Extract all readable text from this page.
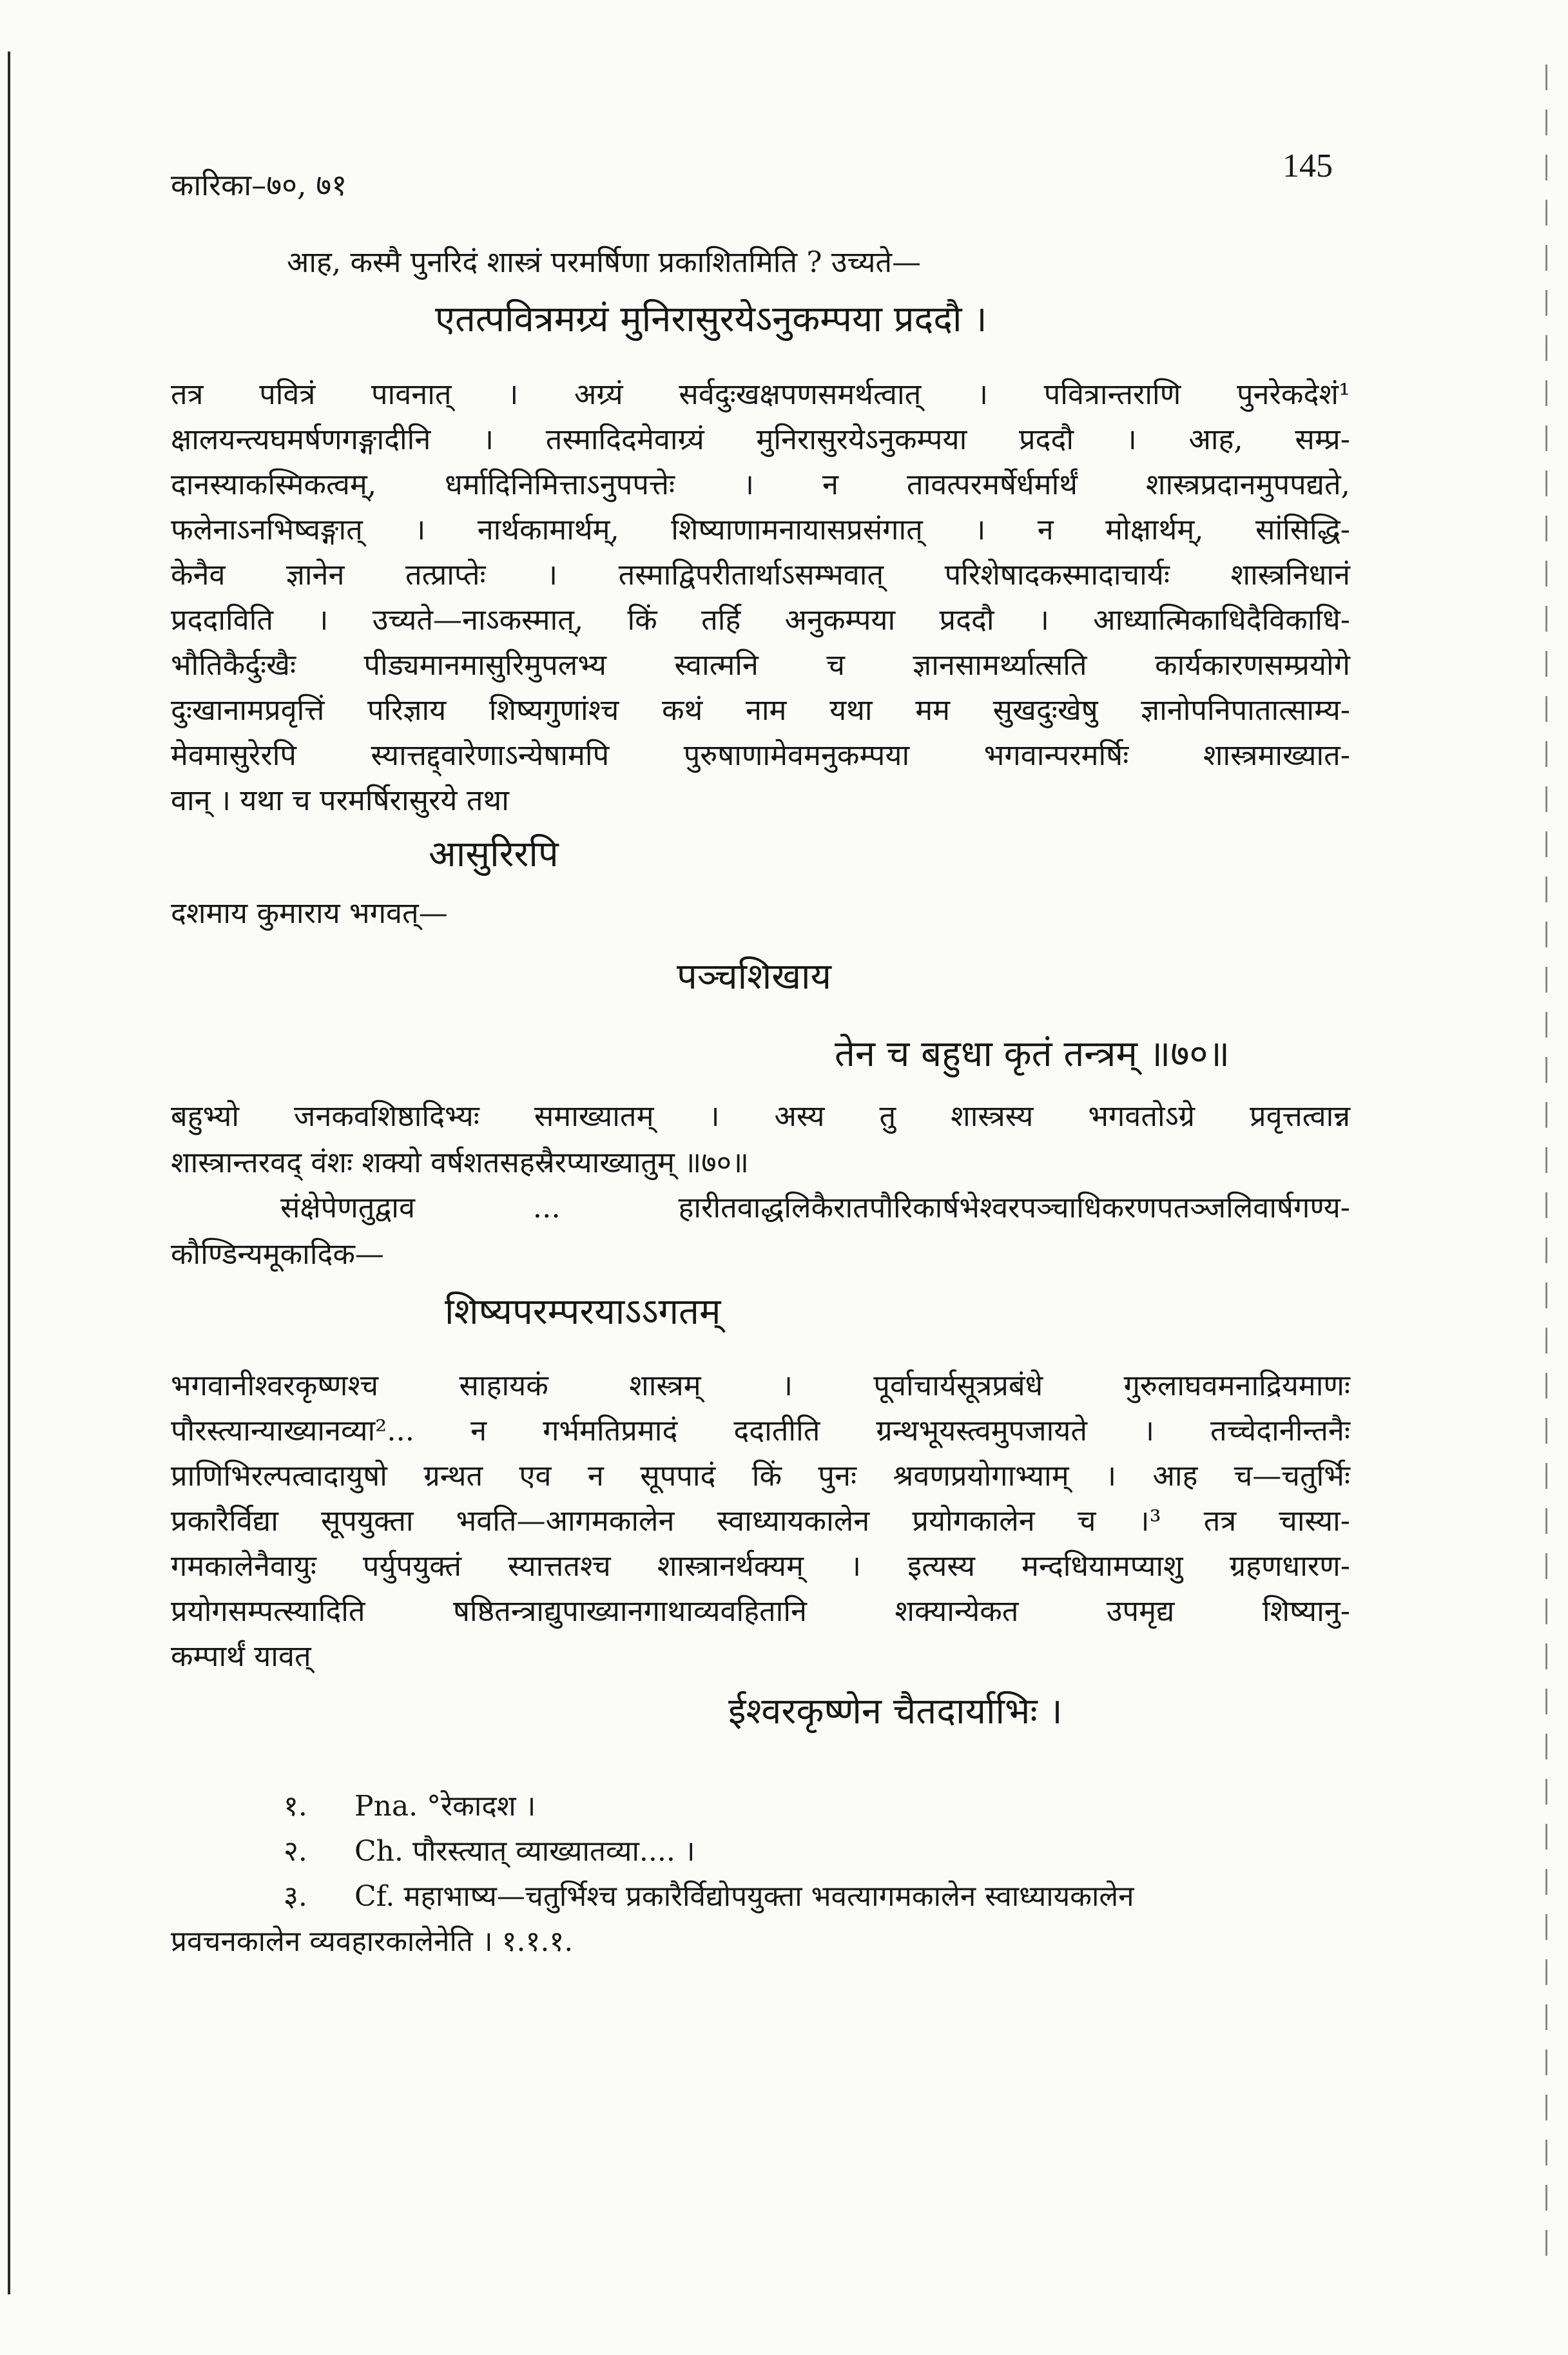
कारिका–७०, ७१
145
आह, कस्मै पुनरिदं शास्त्रं परमर्षिणा प्रकाशितमिति ? उच्यते—
एतत्पवित्रमग्र्यं मुनिरासुरयेऽनुकम्पया प्रददौ ।
तत्र पवित्रं पावनात् । अग्र्यं सर्वदुःखक्षपणसमर्थत्वात् । पवित्रान्तराणि पुनरेकदेशं¹
क्षालयन्त्यघमर्षणगङ्गादीनि । तस्मादिदमेवाग्र्यं मुनिरासुरयेऽनुकम्पया प्रददौ । आह, सम्प्र-
दानस्याकस्मिकत्वम्, धर्मादिनिमित्ताऽनुपपत्तेः । न तावत्परमर्षेर्धर्मार्थं शास्त्रप्रदानमुपपद्यते,
फलेनाऽनभिष्वङ्गात् । नार्थकामार्थम्, शिष्याणामनायासप्रसंगात् । न मोक्षार्थम्, सांसिद्धि-
केनैव ज्ञानेन तत्प्राप्तेः । तस्माद्विपरीतार्थाऽसम्भवात् परिशेषादकस्मादाचार्यः शास्त्रनिधानं
प्रददाविति । उच्यते—नाऽकस्मात्, किं तर्हि अनुकम्पया प्रददौ । आध्यात्मिकाधिदैविकाधि-
भौतिकैर्दुःखैः पीड्यमानमासुरिमुपलभ्य स्वात्मनि च ज्ञानसामर्थ्यात्सति कार्यकारणसम्प्रयोगे
दुःखानामप्रवृत्तिं परिज्ञाय शिष्यगुणांश्च कथं नाम यथा मम सुखदुःखेषु ज्ञानोपनिपातात्साम्य-
मेवमासुरेरपि स्यात्तद्द्वारेणाऽन्येषामपि पुरुषाणामेवमनुकम्पया भगवान्परमर्षिः शास्त्रमाख्यात-
वान् । यथा च परमर्षिरासुरये तथा
आसुरिरपि
दशमाय कुमाराय भगवत्—
पञ्चशिखाय
तेन च बहुधा कृतं तन्त्रम् ॥७०॥
बहुभ्यो जनकवशिष्ठादिभ्यः समाख्यातम् । अस्य तु शास्त्रस्य भगवतोऽग्रे प्रवृत्तत्वान्न
शास्त्रान्तरवद् वंशः शक्यो वर्षशतसहस्रैरप्याख्यातुम् ॥७०॥
संक्षेपेणतुद्वाव ... हारीतवाद्धलिकैरातपौरिकार्षभेश्वरपञ्चाधिकरणपतञ्जलिवार्षगण्य-
कौण्डिन्यमूकादिक—
शिष्यपरम्परयाऽऽगतम्
भगवानीश्वरकृष्णश्च साहायकं शास्त्रम् । पूर्वाचार्यसूत्रप्रबंधे गुरुलाघवमनाद्रियमाणः
पौरस्त्यान्याख्यानव्या²... न गर्भमतिप्रमादं ददातीति ग्रन्थभूयस्त्वमुपजायते । तच्चेदानीन्तनैः
प्राणिभिरल्पत्वादायुषो ग्रन्थत एव न सूपपादं किं पुनः श्रवणप्रयोगाभ्याम् । आह च—चतुर्भिः
प्रकारैर्विद्या सूपयुक्ता भवति—आगमकालेन स्वाध्यायकालेन प्रयोगकालेन च ।³ तत्र चास्या-
गमकालेनैवायुः पर्युपयुक्तं स्यात्ततश्च शास्त्रानर्थक्यम् । इत्यस्य मन्दधियामप्याशु ग्रहणधारण-
प्रयोगसम्पत्स्यादिति षष्ठितन्त्राद्युपाख्यानगाथाव्यवहितानि शक्यान्येकत उपमृद्य शिष्यानु-
कम्पार्थं यावत्
ईश्वरकृष्णेन चैतदार्याभिः ।
१. Pna. °रेकादश ।
२. Ch. पौरस्त्यात् व्याख्यातव्या.... ।
३. Cf. महाभाष्य—चतुर्भिश्च प्रकारैर्विद्योपयुक्ता भवत्यागमकालेन स्वाध्यायकालेन
प्रवचनकालेन व्यवहारकालेनेति । १.१.१.
